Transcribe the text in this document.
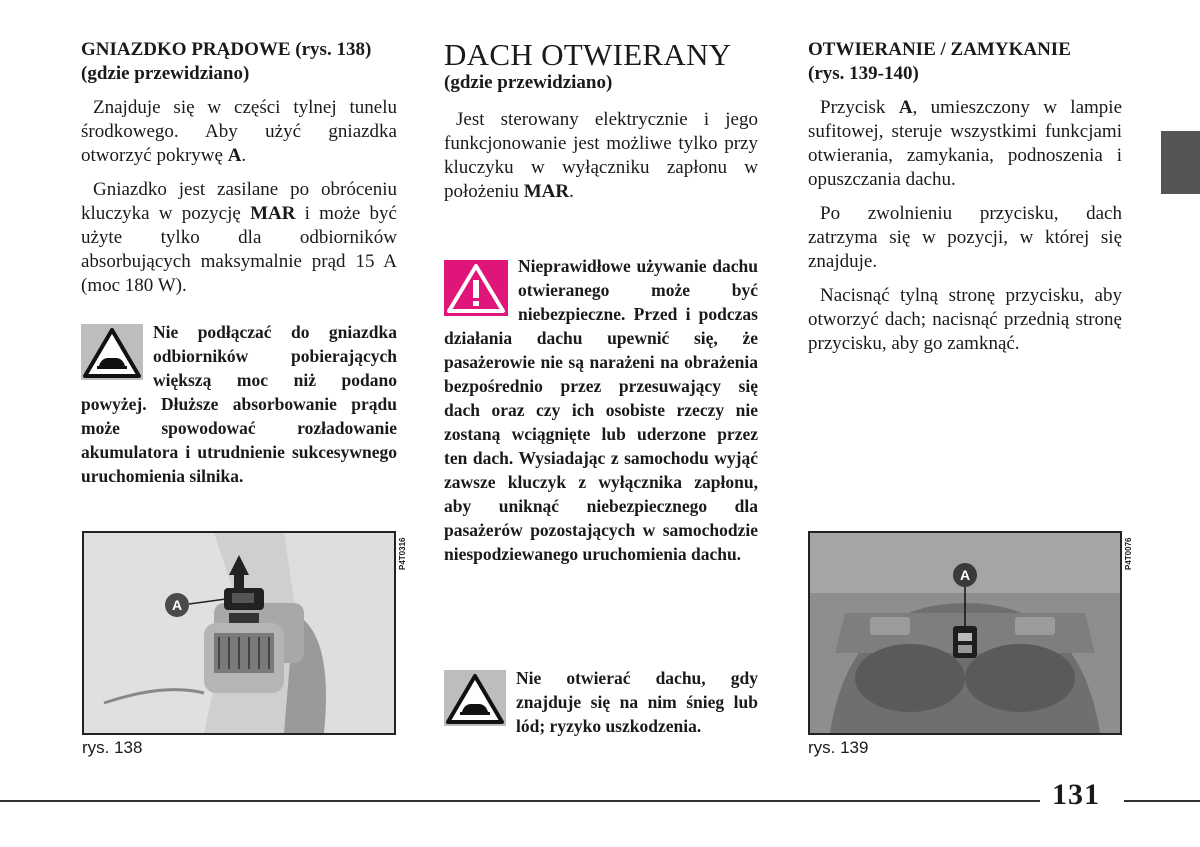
GNIAZDKO PRĄDOWE (rys. 138)
(gdzie przewidziano)

Znajduje się w części tylnej tunelu środkowego. Aby użyć gniazdka otworzyć pokrywę A.

Gniazdko jest zasilane po obróceniu kluczyka w pozycję MAR i może być użyte tylko dla odbiorników absorbujących maksymalnie prąd 15 A (moc 180 W).

Nie podłączać do gniazdka odbiorników pobierających większą moc niż podano powyżej. Dłuższe absorbowanie prądu może spowodować rozładowanie akumulatora i utrudnienie sukcesywnego uruchomienia silnika.
A
P4T0316
rys. 138
DACH OTWIERANY
(gdzie przewidziano)

Jest sterowany elektrycznie i jego funkcjonowanie jest możliwe tylko przy kluczyku w wyłączniku zapłonu w położeniu MAR.

Nieprawidłowe używanie dachu otwieranego może być niebezpieczne. Przed i podczas działania dachu upewnić się, że pasażerowie nie są narażeni na obrażenia bezpośrednio przez przesuwający się dach oraz czy ich osobiste rzeczy nie zostaną wciągnięte lub uderzone przez ten dach. Wysiadając z samochodu wyjąć zawsze kluczyk z wyłącznika zapłonu, aby uniknąć niebezpiecznego dla pasażerów pozostających w samochodzie niespodziewanego uruchomienia dachu.
Nie otwierać dachu, gdy znajduje się na nim śnieg lub lód; ryzyko uszkodzenia.
OTWIERANIE / ZAMYKANIE
(rys. 139-140)

Przycisk A, umieszczony w lampie sufitowej, steruje wszystkimi funkcjami otwierania, zamykania, podnoszenia i opuszczania dachu.

Po zwolnieniu przycisku, dach zatrzyma się w pozycji, w której się znajduje.

Nacisnąć tylną stronę przycisku, aby otworzyć dach; nacisnąć przednią stronę przycisku, aby go zamknąć.

A
P4T0076
rys. 139
131
